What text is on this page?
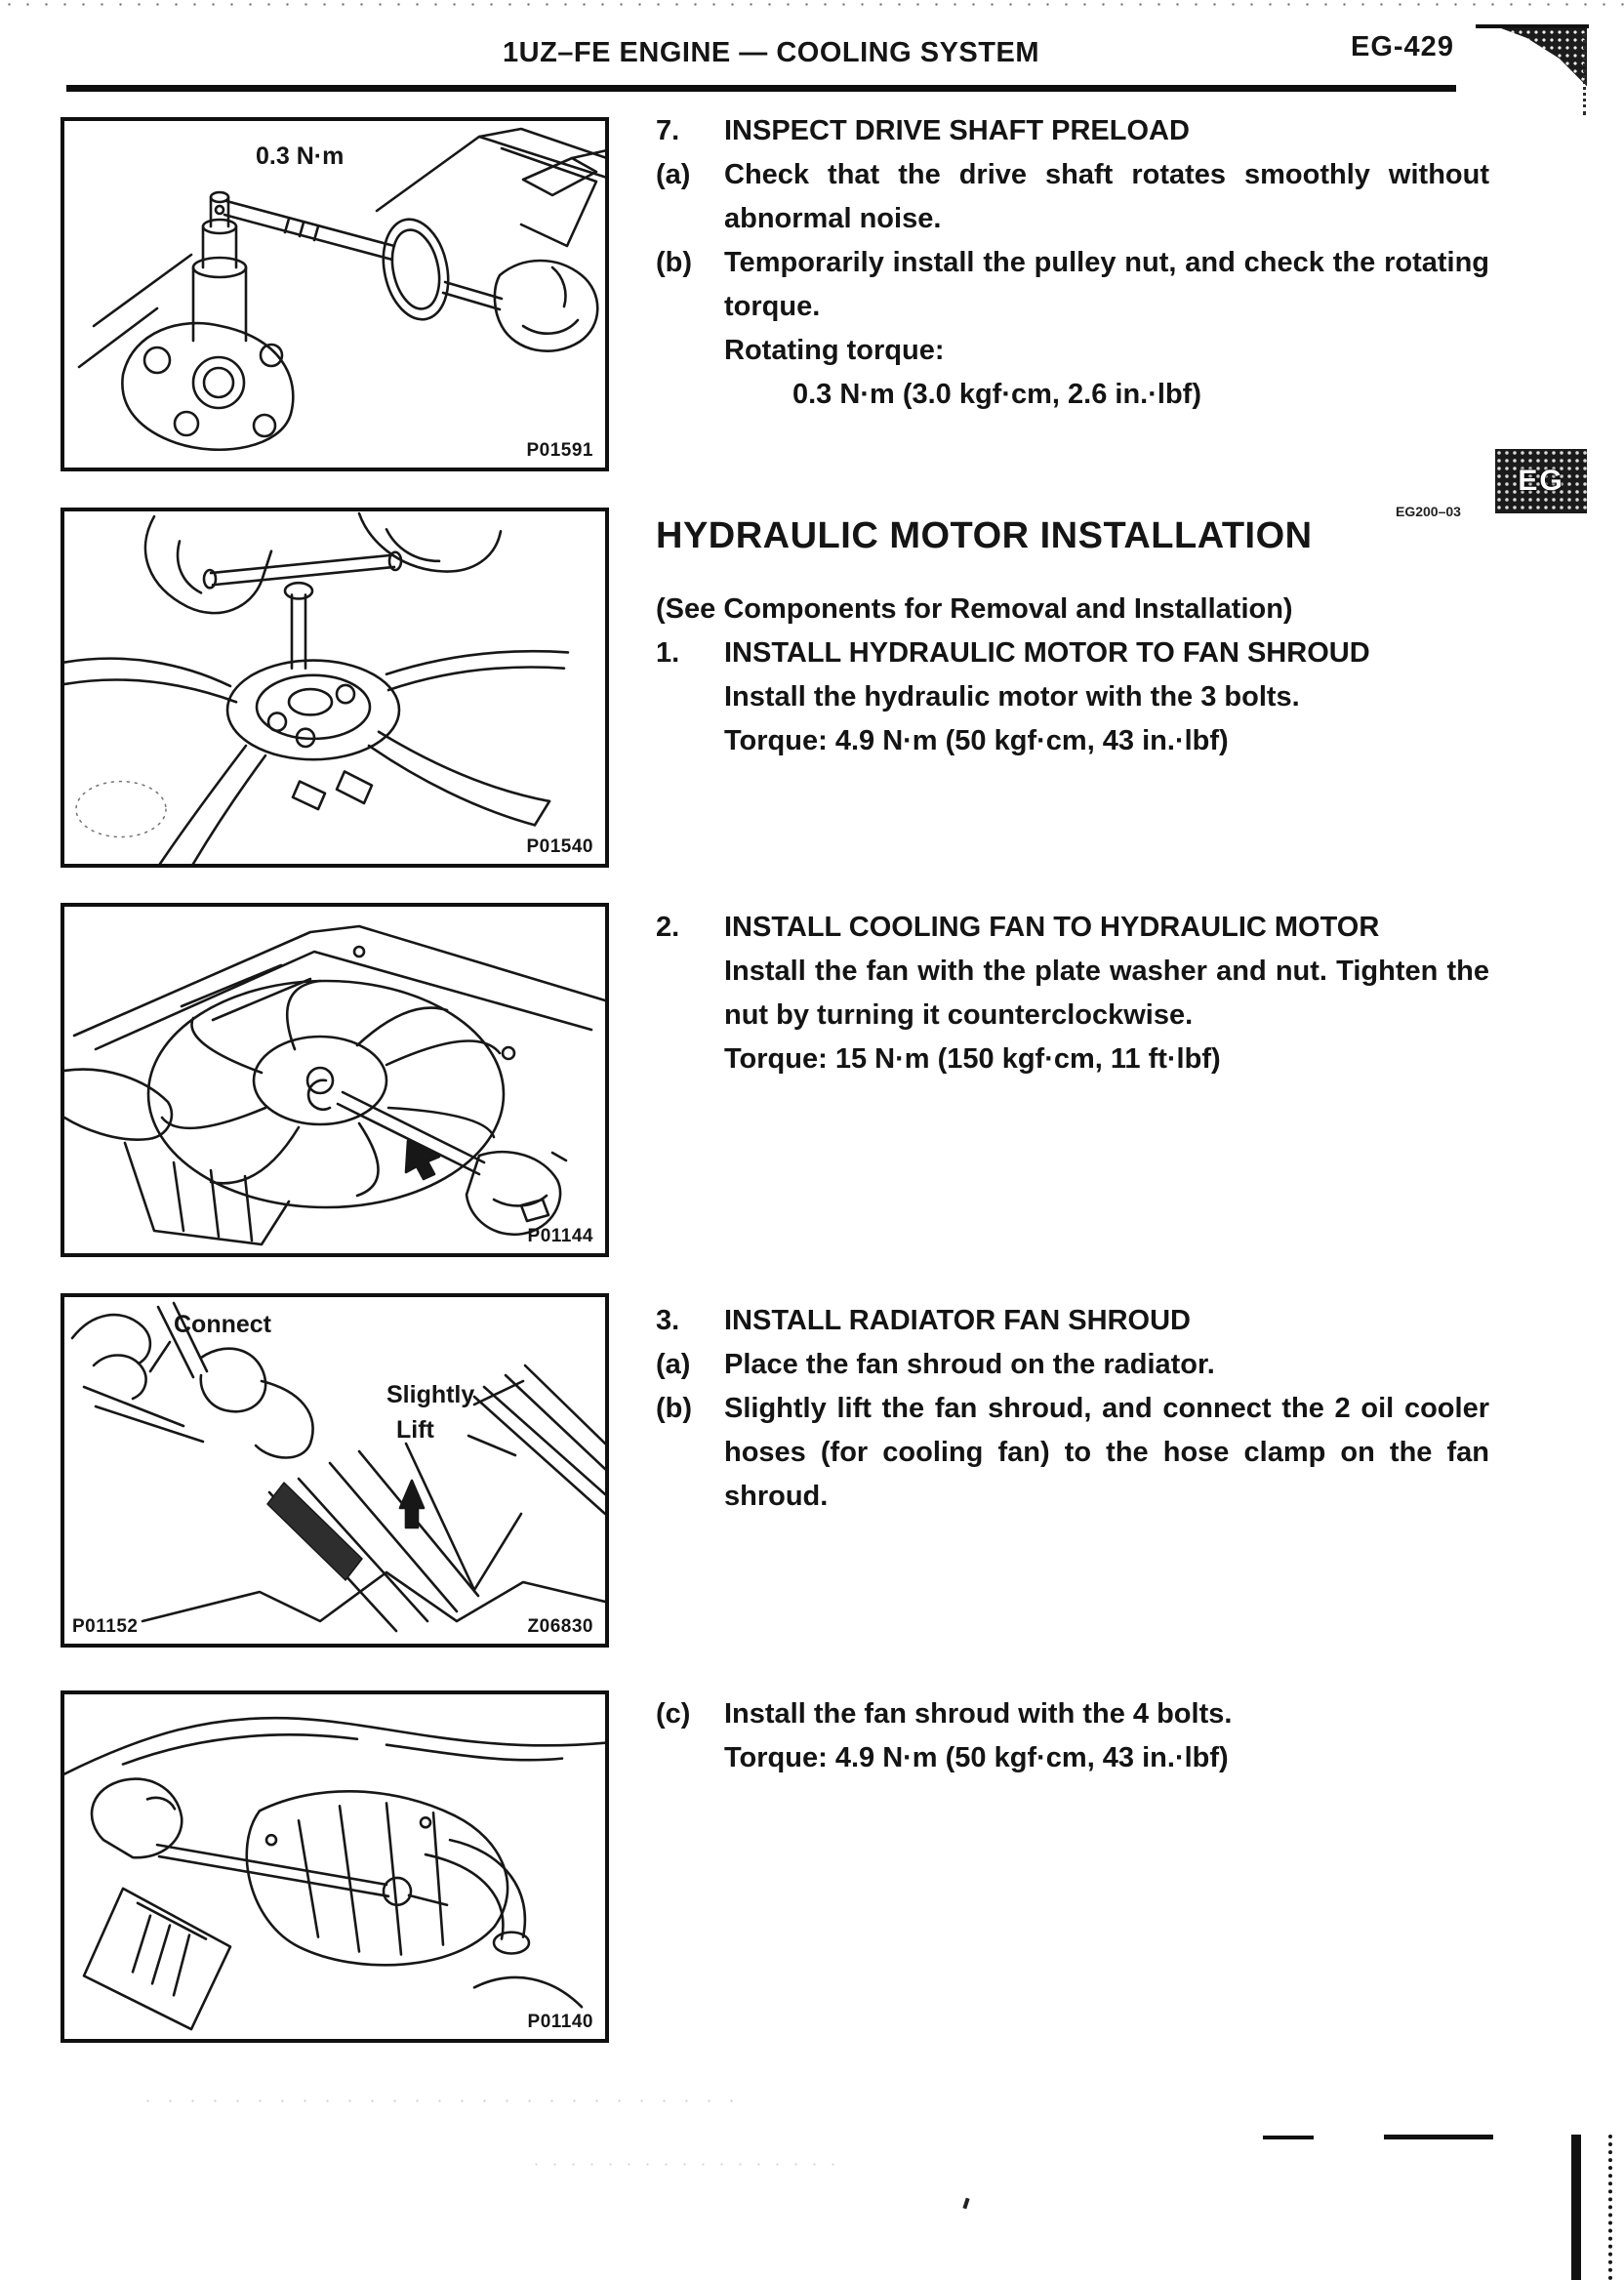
1UZ–FE ENGINE — COOLING SYSTEM	EG-429
EG
0.3 N·m
P01591
P01540
P01144
Connect
Slightly
Lift
P01152	Z06830
P01140
7. INSPECT DRIVE SHAFT PRELOAD
(a) Check that the drive shaft rotates smoothly without abnormal noise.
(b) Temporarily install the pulley nut, and check the rotating torque.
Rotating torque:
0.3 N·m (3.0 kgf·cm, 2.6 in.·lbf)
HYDRAULIC MOTOR INSTALLATION
EG200–03
(See Components for Removal and Installation)
1. INSTALL HYDRAULIC MOTOR TO FAN SHROUD
Install the hydraulic motor with the 3 bolts.
Torque: 4.9 N·m (50 kgf·cm, 43 in.·lbf)
2. INSTALL COOLING FAN TO HYDRAULIC MOTOR
Install the fan with the plate washer and nut. Tighten the nut by turning it counterclockwise.
Torque: 15 N·m (150 kgf·cm, 11 ft·lbf)
3. INSTALL RADIATOR FAN SHROUD
(a) Place the fan shroud on the radiator.
(b) Slightly lift the fan shroud, and connect the 2 oil cooler hoses (for cooling fan) to the hose clamp on the fan shroud.
(c) Install the fan shroud with the 4 bolts.
Torque: 4.9 N·m (50 kgf·cm, 43 in.·lbf)
